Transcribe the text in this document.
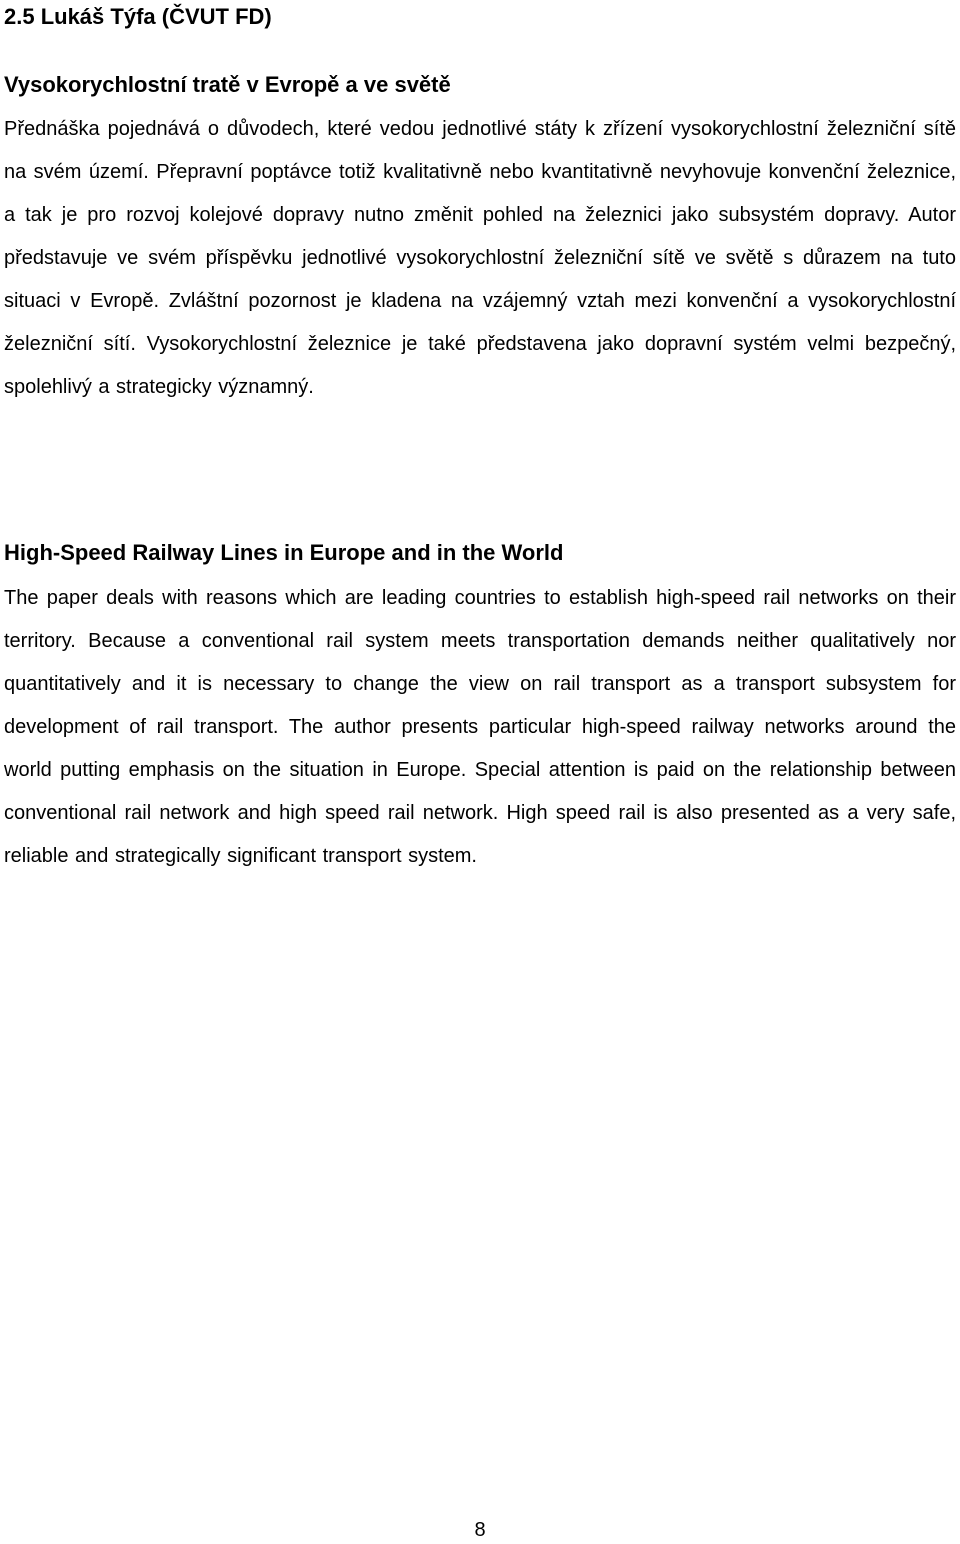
2.5 Lukáš Týfa (ČVUT FD)
Vysokorychlostní tratě v Evropě a ve světě

Přednáška pojednává o důvodech, které vedou jednotlivé státy k zřízení vysokorychlostní železniční sítě na svém území. Přepravní poptávce totiž kvalitativně nebo kvantitativně nevyhovuje konvenční železnice, a tak je pro rozvoj kolejové dopravy nutno změnit pohled na železnici jako subsystém dopravy. Autor představuje ve svém příspěvku jednotlivé vysokorychlostní železniční sítě ve světě s důrazem na tuto situaci v Evropě. Zvláštní pozornost je kladena na vzájemný vztah mezi konvenční a vysokorychlostní železniční sítí. Vysokorychlostní železnice je také představena jako dopravní systém velmi bezpečný, spolehlivý a strategicky významný.

High-Speed Railway Lines in Europe and in the World

The paper deals with reasons which are leading countries to establish high-speed rail networks on their territory. Because a conventional rail system meets transportation demands neither qualitatively nor quantitatively and it is necessary to change the view on rail transport as a transport subsystem for development of rail transport. The author presents particular high-speed railway networks around the world putting emphasis on the situation in Europe. Special attention is paid on the relationship between conventional rail network and high speed rail network. High speed rail is also presented as a very safe, reliable and strategically significant transport system.

8
